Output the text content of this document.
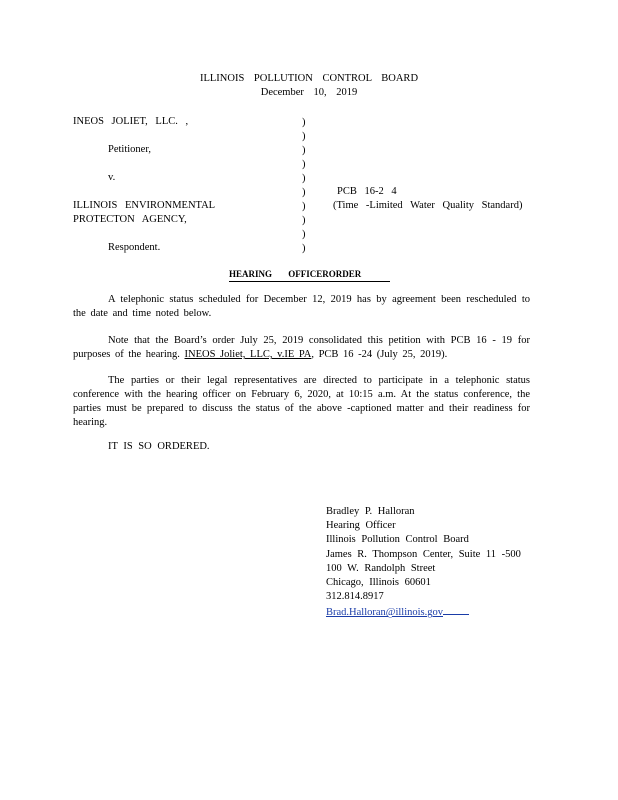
ILLINOIS POLLUTION CONTROL BOARD
December 10, 2019
INEOS JOLIET, LLC. ,
Petitioner,
v.
ILLINOIS ENVIRONMENTAL
PROTECTON AGENCY,
Respondent.
)
)
)
)
)
)
)
)
)
)
PCB 16-2 4
(Time -Limited Water Quality Standard)
HEARING OFFICERORDER
A telephonic status scheduled for December 12, 2019 has by agreement been rescheduled to the date and time noted below.
Note that the Board’s order July 25, 2019 consolidated this petition with PCB 16 - 19 for purposes of the hearing. INEOS Joliet, LLC, v.IE PA, PCB 16 -24 (July 25, 2019).
The parties or their legal representatives are directed to participate in a telephonic status conference with the hearing officer on February 6, 2020, at 10:15 a.m. At the status conference, the parties must be prepared to discuss the status of the above -captioned matter and their readiness for hearing.
IT IS SO ORDERED.
Bradley P. Halloran
Hearing Officer
Illinois Pollution Control Board
James R. Thompson Center, Suite 11 -500
100 W. Randolph Street
Chicago, Illinois 60601
312.814.8917
Brad.Halloran@illinois.gov
